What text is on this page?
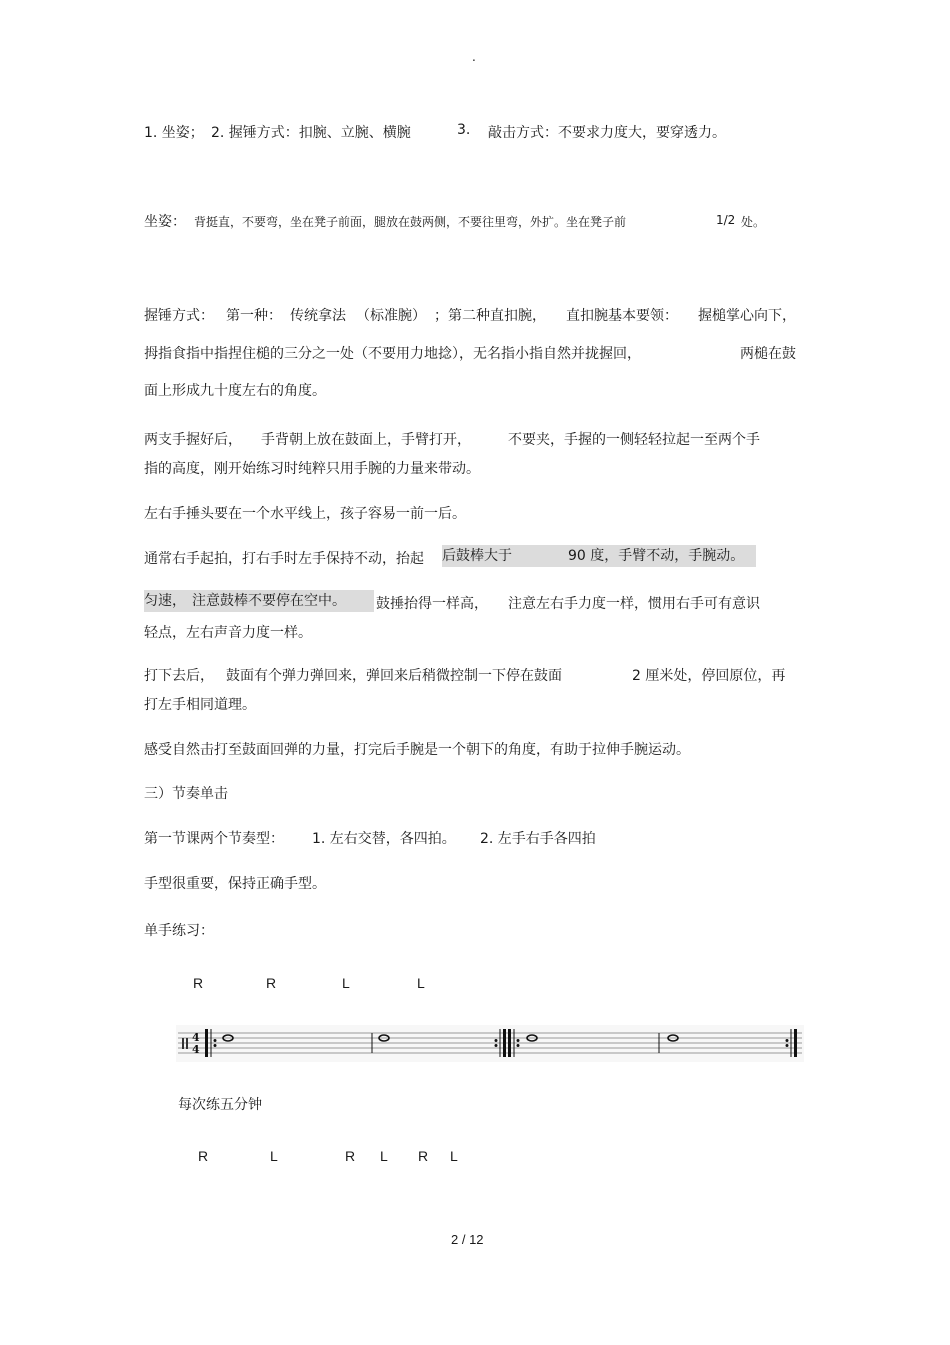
.
1. 坐姿； 2. 握锤方式：扣腕、立腕、横腕	3. 敲击方式：不要求力度大，要穿透力。
坐姿： 背挺直，不要弯，坐在凳子前面，腿放在鼓两侧，不要往里弯，外扩。坐在凳子前	1/2 处。
握锤方式： 第一种： 传统拿法 （标准腕） ；第二种直扣腕， 直扣腕基本要领： 握槌掌心向下，
拇指食指中指捏住槌的三分之一处（不要用力地捻），无名指小指自然并拢握回，	两槌在鼓
面上形成九十度左右的角度。
两支手握好后， 手背朝上放在鼓面上，手臂打开，	不要夹，手握的一侧轻轻拉起一至两个手
指的高度，刚开始练习时纯粹只用手腕的力量来带动。
左右手捶头要在一个水平线上，孩子容易一前一后。
通常右手起拍，打右手时左手保持不动，抬起 后鼓棒大于	90 度，手臂不动，手腕动。
匀速， 注意鼓棒不要停在空中。 鼓捶抬得一样高， 注意左右手力度一样，惯用右手可有意识
轻点，左右声音力度一样。
打下去后， 鼓面有个弹力弹回来，弹回来后稍微控制一下停在鼓面	2 厘米处，停回原位，再
打左手相同道理。
感受自然击打至鼓面回弹的力量，打完后手腕是一个朝下的角度，有助于拉伸手腕运动。
三）节奏单击
第一节课两个节奏型： 1. 左右交替，各四拍。 2. 左手右手各四拍
手型很重要，保持正确手型。
单手练习：
R	R	L	L
4
4
每次练五分钟
R	L	R L R L
2 / 12
